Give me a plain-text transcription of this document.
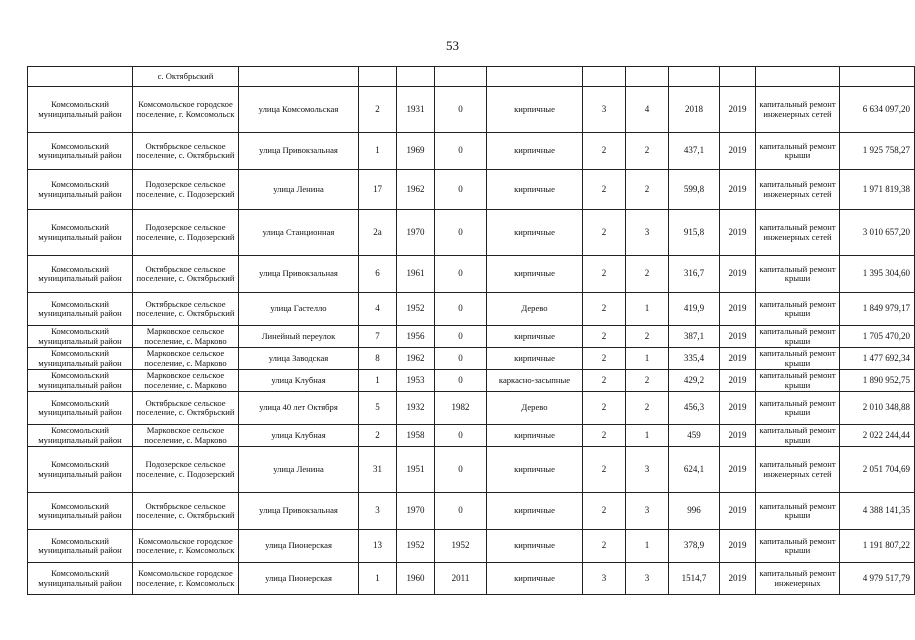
53
	с. Октябрьский											
Комсомольский муниципальный район	Комсомольское городское поселение, г. Комсомольск	улица Комсомольская	2	1931	0	кирпичные	3	4	2018	2019	капитальный ремонт инженерных сетей	6 634 097,20
Комсомольский муниципальный район	Октябрьское сельское поселение, с. Октябрьский	улица Привокзальная	1	1969	0	кирпичные	2	2	437,1	2019	капитальный ремонт крыши	1 925 758,27
Комсомольский муниципальный район	Подозерское сельское поселение, с. Подозерский	улица Ленина	17	1962	0	кирпичные	2	2	599,8	2019	капитальный ремонт инженерных сетей	1 971 819,38
Комсомольский муниципальный район	Подозерское сельское поселение, с. Подозерский	улица Станционная	2а	1970	0	кирпичные	2	3	915,8	2019	капитальный ремонт инженерных сетей	3 010 657,20
Комсомольский муниципальный район	Октябрьское сельское поселение, с. Октябрьский	улица Привокзальная	6	1961	0	кирпичные	2	2	316,7	2019	капитальный ремонт крыши	1 395 304,60
Комсомольский муниципальный район	Октябрьское сельское поселение, с. Октябрьский	улица Гастелло	4	1952	0	Дерево	2	1	419,9	2019	капитальный ремонт крыши	1 849 979,17
Комсомольский муниципальный район	Марковское сельское поселение, с. Марково	Линейный переулок	7	1956	0	кирпичные	2	2	387,1	2019	капитальный ремонт крыши	1 705 470,20
Комсомольский муниципальный район	Марковское сельское поселение, с. Марково	улица Заводская	8	1962	0	кирпичные	2	1	335,4	2019	капитальный ремонт крыши	1 477 692,34
Комсомольский муниципальный район	Марковское сельское поселение, с. Марково	улица Клубная	1	1953	0	каркасно-засыпные	2	2	429,2	2019	капитальный ремонт крыши	1 890 952,75
Комсомольский муниципальный район	Октябрьское сельское поселение, с. Октябрьский	улица 40 лет Октября	5	1932	1982	Дерево	2	2	456,3	2019	капитальный ремонт крыши	2 010 348,88
Комсомольский муниципальный район	Марковское сельское поселение, с. Марково	улица Клубная	2	1958	0	кирпичные	2	1	459	2019	капитальный ремонт крыши	2 022 244,44
Комсомольский муниципальный район	Подозерское сельское поселение, с. Подозерский	улица Ленина	31	1951	0	кирпичные	2	3	624,1	2019	капитальный ремонт инженерных сетей	2 051 704,69
Комсомольский муниципальный район	Октябрьское сельское поселение, с. Октябрьский	улица Привокзальная	3	1970	0	кирпичные	2	3	996	2019	капитальный ремонт крыши	4 388 141,35
Комсомольский муниципальный район	Комсомольское городское поселение, г. Комсомольск	улица Пионерская	13	1952	1952	кирпичные	2	1	378,9	2019	капитальный ремонт крыши	1 191 807,22
Комсомольский муниципальный район	Комсомольское городское поселение, г. Комсомольск	улица Пионерская	1	1960	2011	кирпичные	3	3	1514,7	2019	капитальный ремонт инженерных	4 979 517,79
